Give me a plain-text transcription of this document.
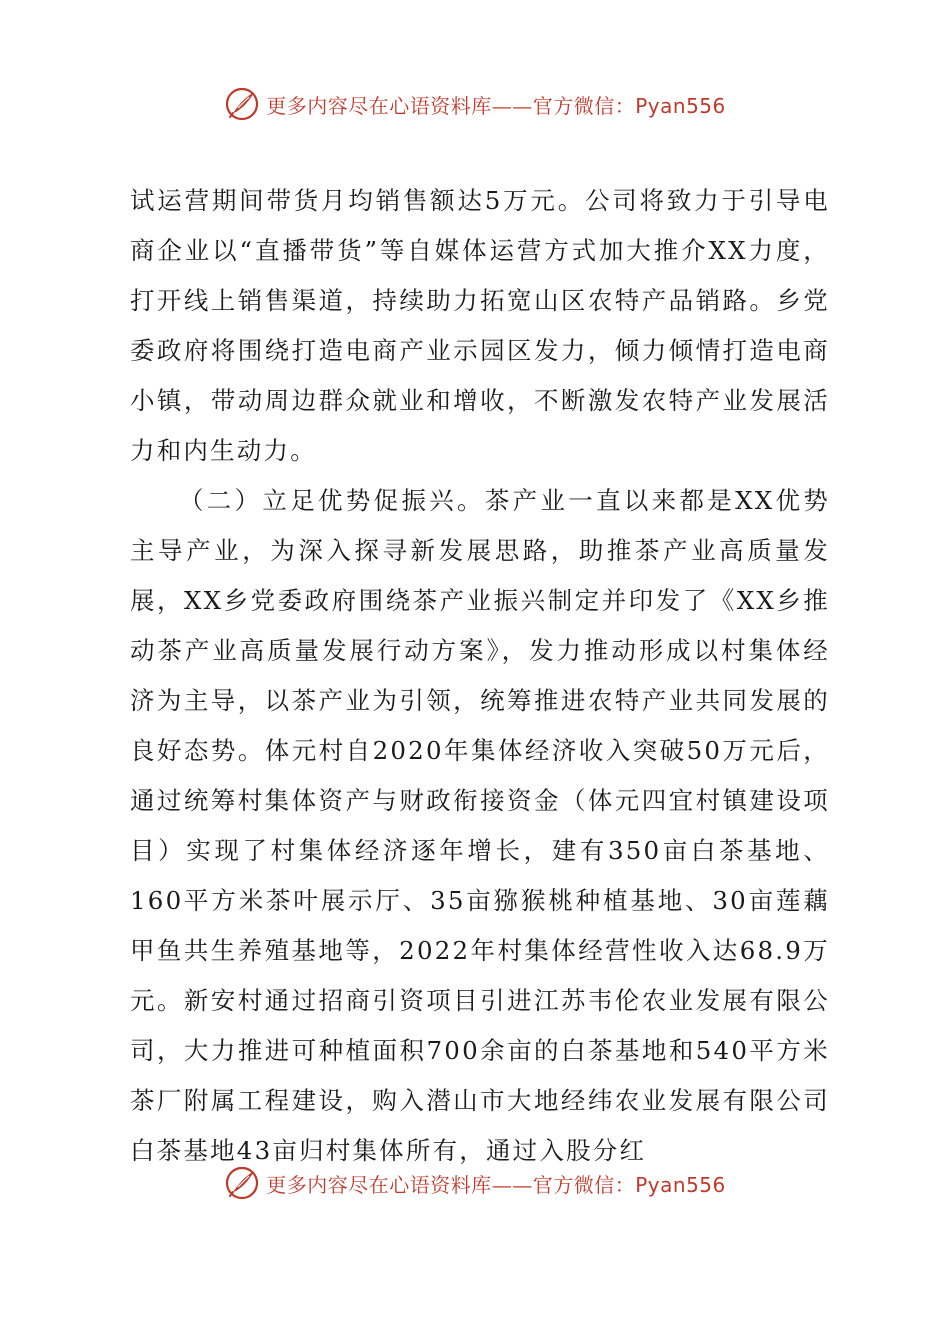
更多内容尽在心语资料库——官方微信：Pyan556

试运营期间带货月均销售额达5万元。公司将致力于引导电商企业以“直播带货”等自媒体运营方式加大推介XX力度，打开线上销售渠道，持续助力拓宽山区农特产品销路。乡党委政府将围绕打造电商产业示园区发力，倾力倾情打造电商小镇，带动周边群众就业和增收，不断激发农特产业发展活力和内生动力。

（二）立足优势促振兴。茶产业一直以来都是XX优势主导产业，为深入探寻新发展思路，助推茶产业高质量发展，XX乡党委政府围绕茶产业振兴制定并印发了《XX乡推动茶产业高质量发展行动方案》，发力推动形成以村集体经济为主导，以茶产业为引领，统筹推进农特产业共同发展的良好态势。体元村自2020年集体经济收入突破50万元后，通过统筹村集体资产与财政衔接资金（体元四宜村镇建设项目）实现了村集体经济逐年增长，建有350亩白茶基地、160平方米茶叶展示厅、35亩猕猴桃种植基地、30亩莲藕甲鱼共生养殖基地等，2022年村集体经营性收入达68.9万元。新安村通过招商引资项目引进江苏韦伦农业发展有限公司，大力推进可种植面积700余亩的白茶基地和540平方米茶厂附属工程建设，购入潜山市大地经纬农业发展有限公司白茶基地43亩归村集体所有，通过入股分红

更多内容尽在心语资料库——官方微信：Pyan556
